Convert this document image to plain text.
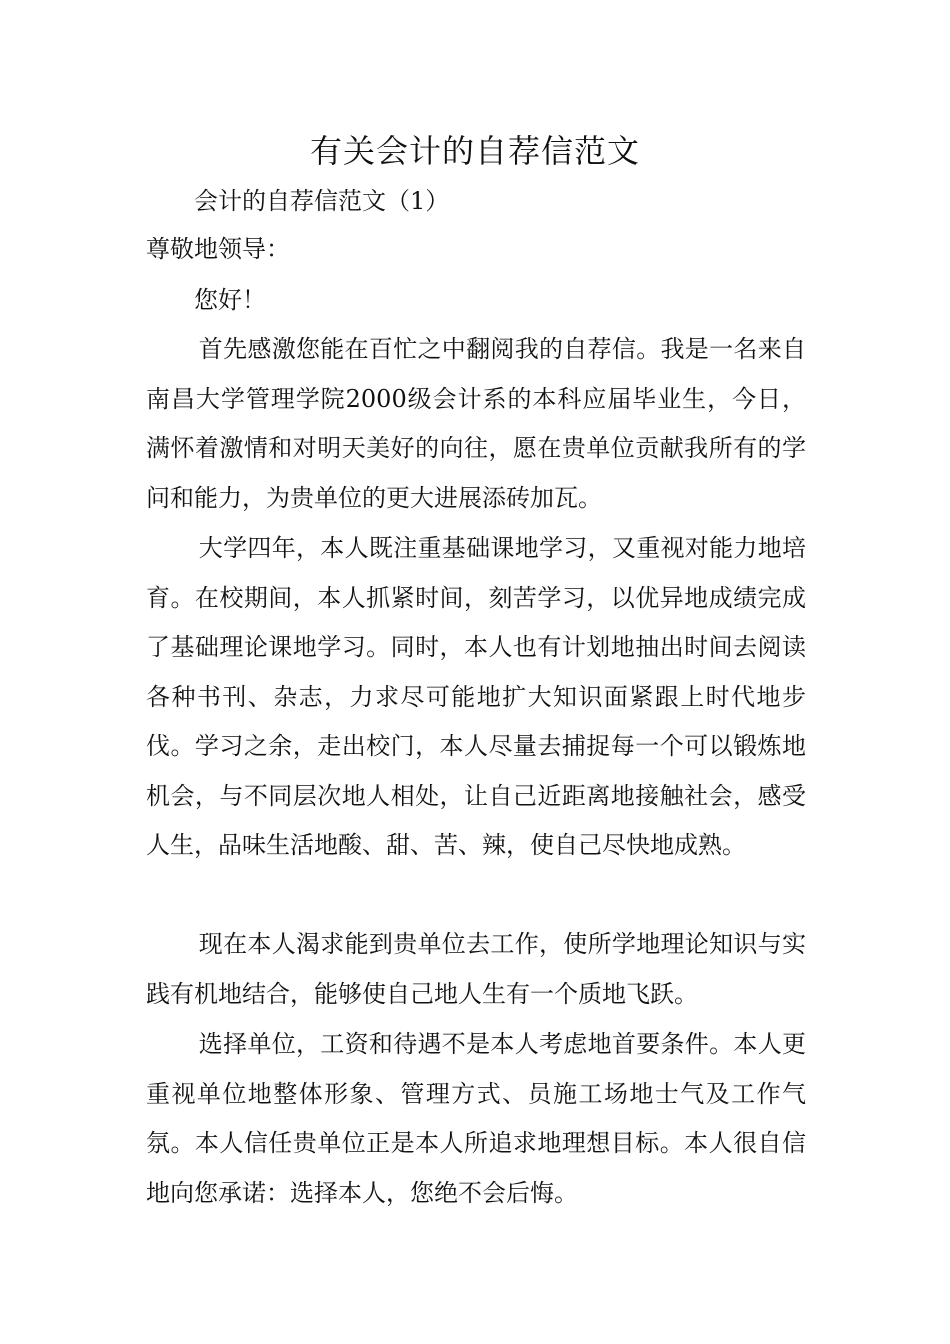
有关会计的自荐信范文
会计的自荐信范文（1）
尊敬地领导：
您好！

首先感激您能在百忙之中翻阅我的自荐信。我是一名来自南昌大学管理学院2000级会计系的本科应届毕业生，今日，满怀着激情和对明天美好的向往，愿在贵单位贡献我所有的学问和能力，为贵单位的更大进展添砖加瓦。

大学四年，本人既注重基础课地学习，又重视对能力地培育。在校期间，本人抓紧时间，刻苦学习，以优异地成绩完成了基础理论课地学习。同时，本人也有计划地抽出时间去阅读各种书刊、杂志，力求尽可能地扩大知识面紧跟上时代地步伐。学习之余，走出校门，本人尽量去捕捉每一个可以锻炼地机会，与不同层次地人相处，让自己近距离地接触社会，感受人生，品味生活地酸、甜、苦、辣，使自己尽快地成熟。

现在本人渴求能到贵单位去工作，使所学地理论知识与实践有机地结合，能够使自己地人生有一个质地飞跃。

选择单位，工资和待遇不是本人考虑地首要条件。本人更重视单位地整体形象、管理方式、员施工场地士气及工作气氛。本人信任贵单位正是本人所追求地理想目标。本人很自信地向您承诺：选择本人，您绝不会后悔。
